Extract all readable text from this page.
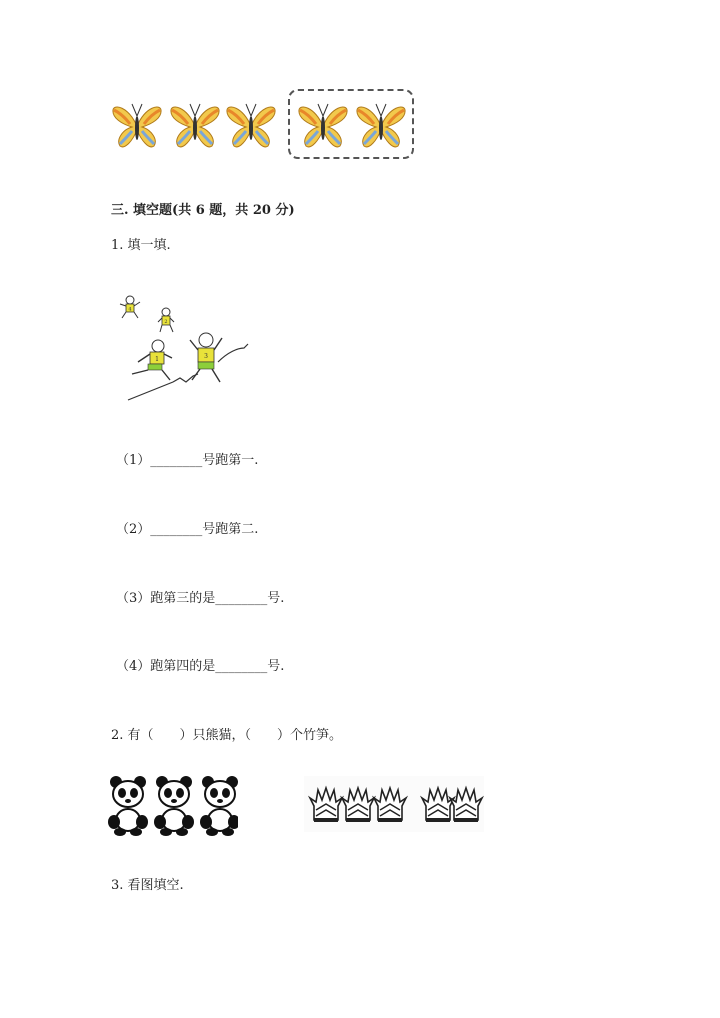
三. 填空题(共 6 题，共 20 分)
1. 填一填.
4
2
1	3
（1）________号跑第一.
（2）________号跑第二.
（3）跑第三的是________号.
（4）跑第四的是________号.
2. 有（　　）只熊猫，（　　）个竹笋。
3. 看图填空.
